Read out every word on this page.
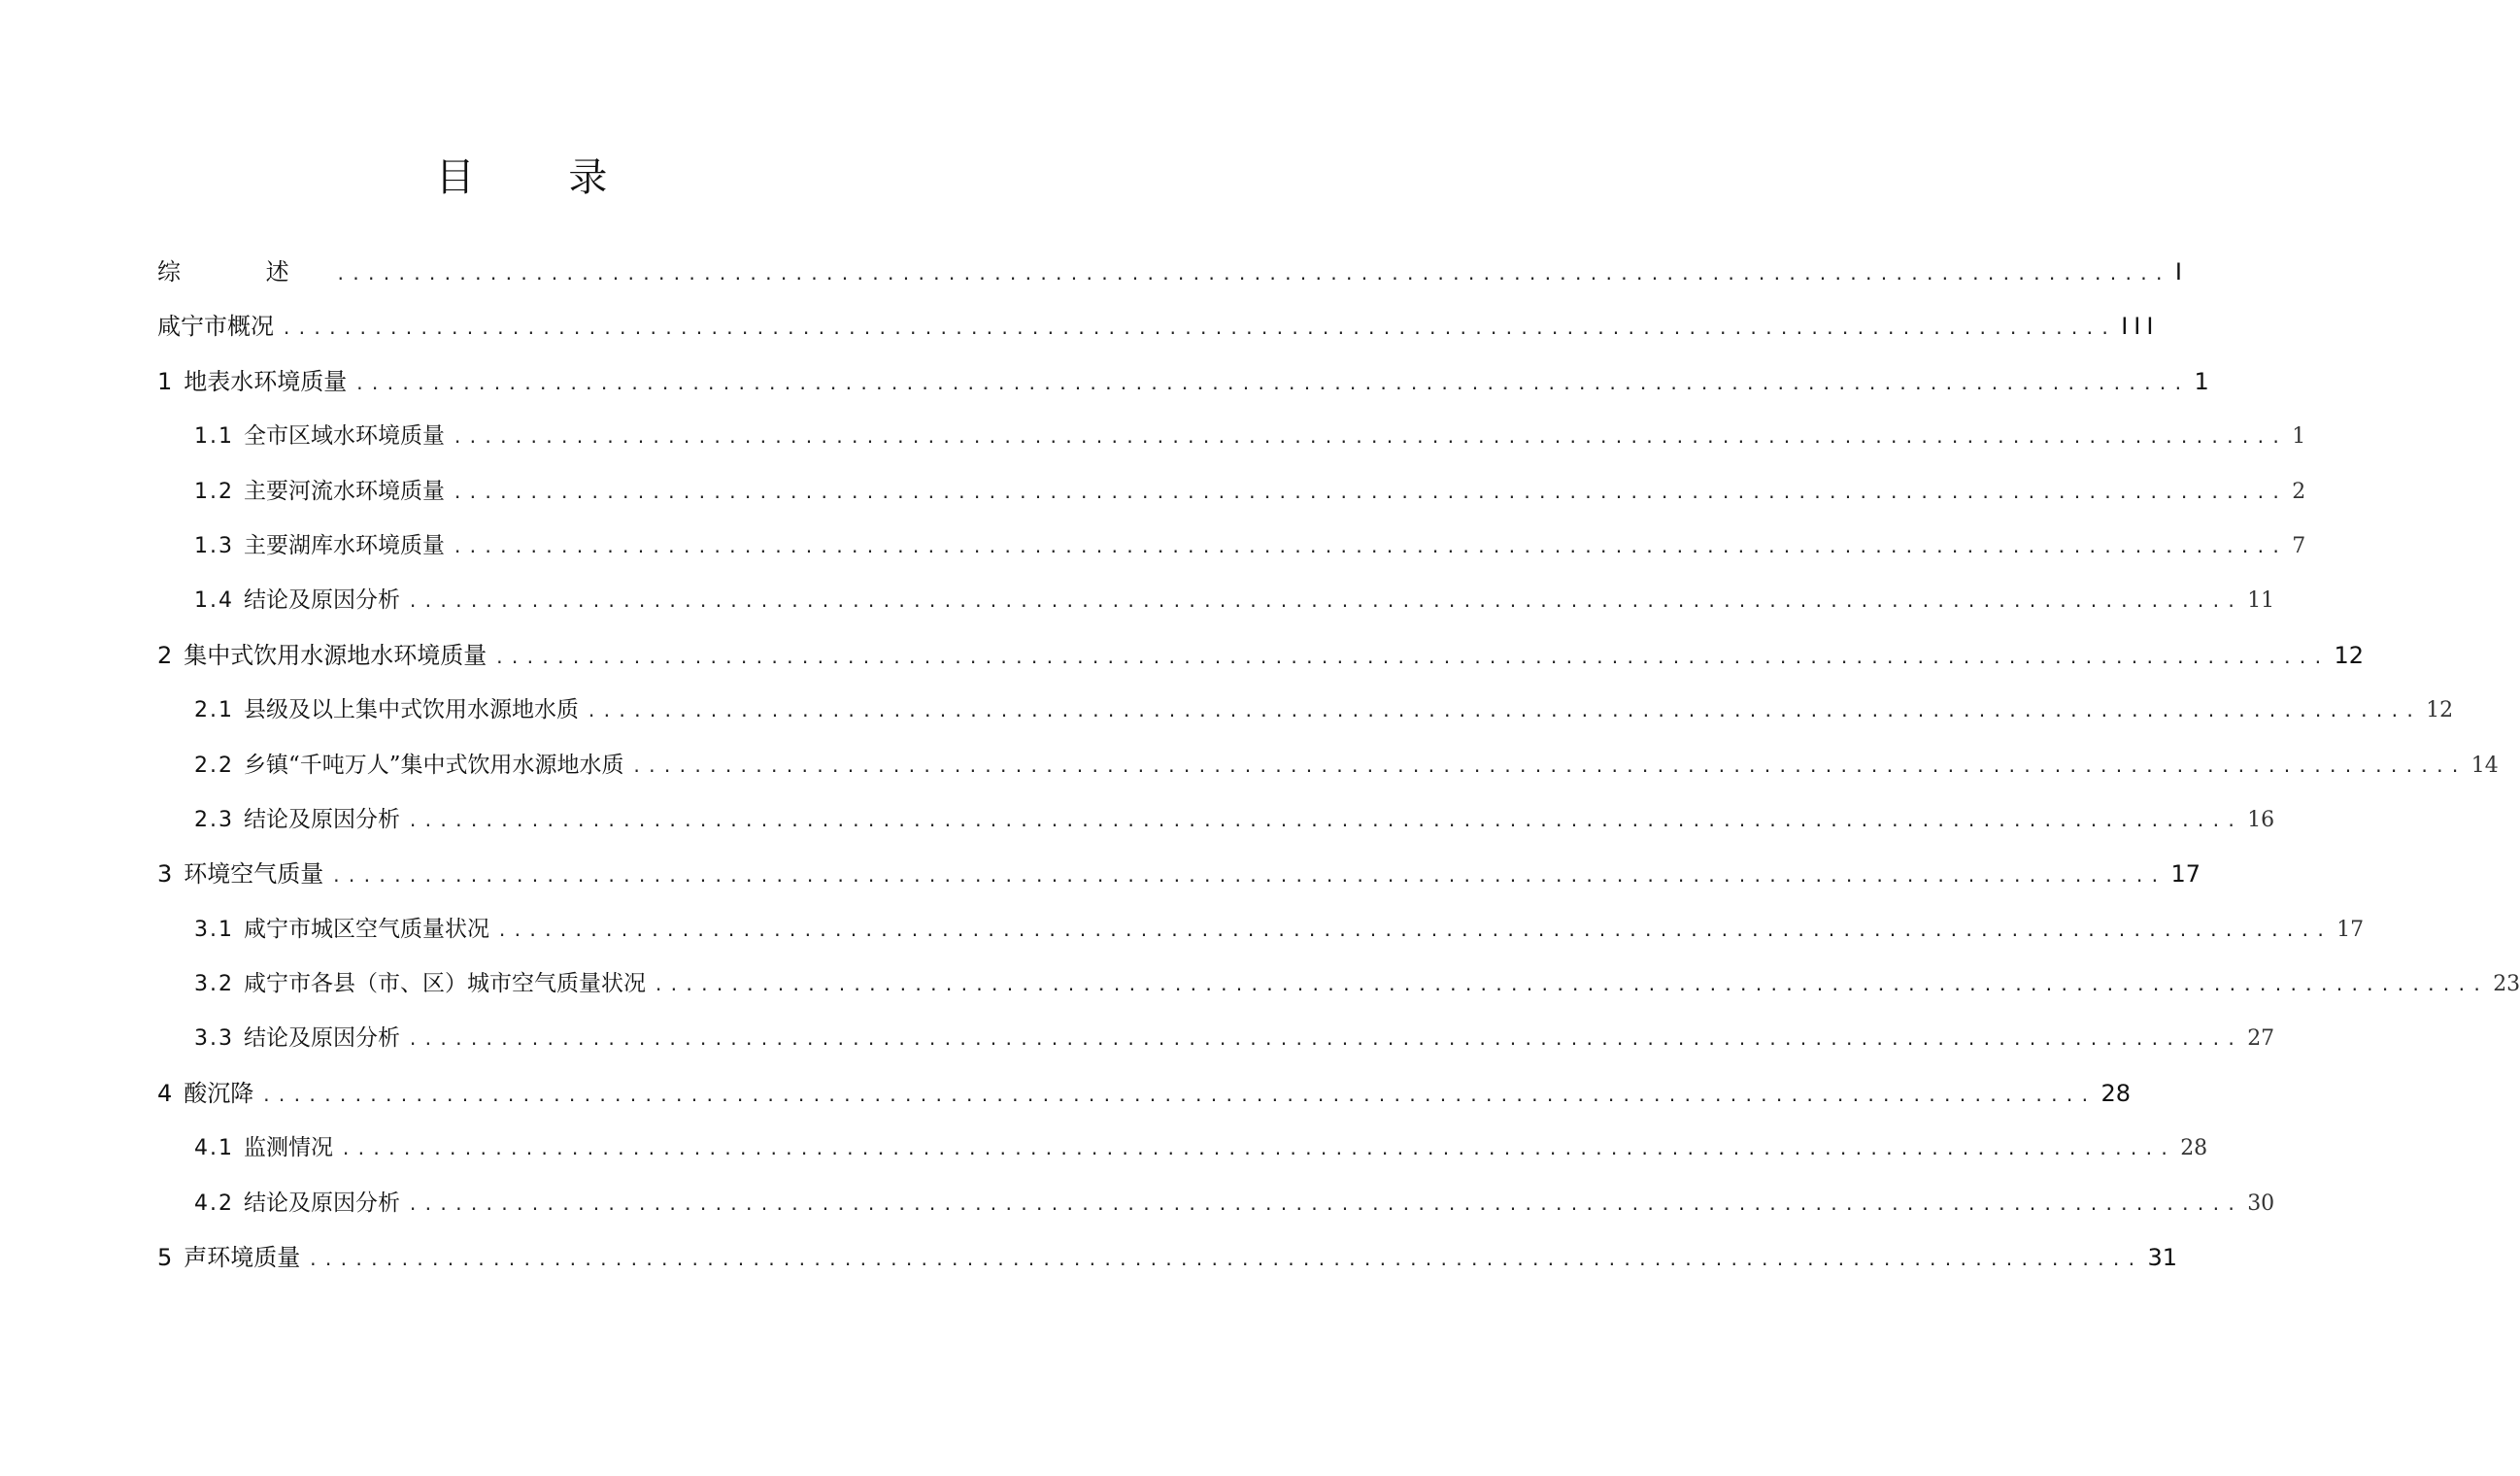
目 录
综 述 ........................................................................................................................ I
咸宁市概况 ........................................................................................................................ III
1 地表水环境质量 ........................................................................................................................ 1
1.1 全市区域水环境质量 ........................................................................................................................ 1
1.2 主要河流水环境质量 ........................................................................................................................ 2
1.3 主要湖库水环境质量 ........................................................................................................................ 7
1.4 结论及原因分析 ........................................................................................................................ 11
2 集中式饮用水源地水环境质量 ........................................................................................................................ 12
2.1 县级及以上集中式饮用水源地水质 ........................................................................................................................ 12
2.2 乡镇“千吨万人”集中式饮用水源地水质 ........................................................................................................................ 14
2.3 结论及原因分析 ........................................................................................................................ 16
3 环境空气质量 ........................................................................................................................ 17
3.1 咸宁市城区空气质量状况 ........................................................................................................................ 17
3.2 咸宁市各县（市、区）城市空气质量状况 ........................................................................................................................ 23
3.3 结论及原因分析 ........................................................................................................................ 27
4 酸沉降 ........................................................................................................................ 28
4.1 监测情况 ........................................................................................................................ 28
4.2 结论及原因分析 ........................................................................................................................ 30
5 声环境质量 ........................................................................................................................ 31
